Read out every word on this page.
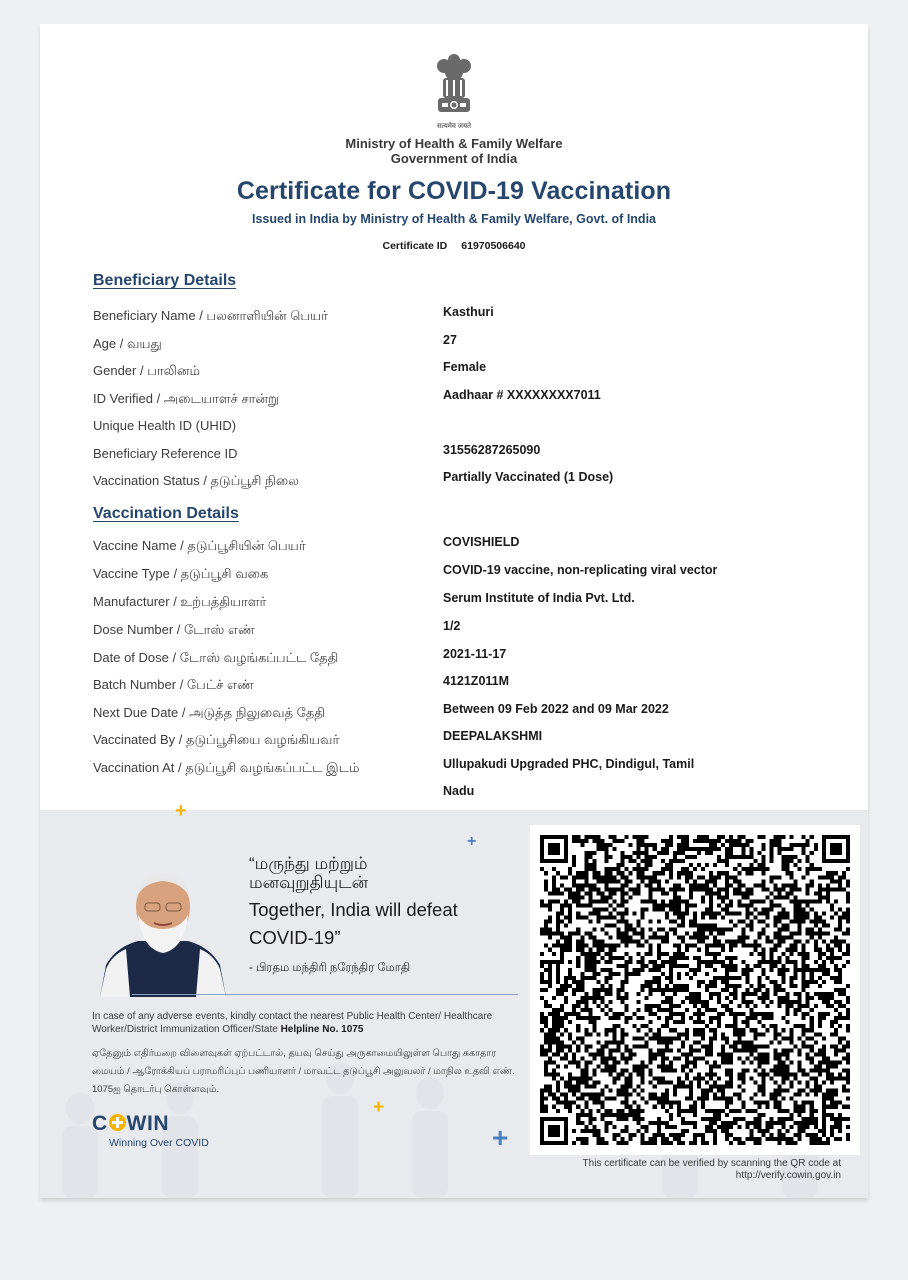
सत्यमेव जयते
Ministry of Health & Family Welfare
Government of India
Certificate for COVID-19 Vaccination
Issued in India by Ministry of Health & Family Welfare, Govt. of India
Certificate ID 61970506640
Beneficiary Details
Beneficiary Name / பலனாளியின் பெயர்	Kasthuri
Age / வயது	27
Gender / பாலினம்	Female
ID Verified / அடையாளச் சான்று	Aadhaar # XXXXXXXX7011
Unique Health ID (UHID)
Beneficiary Reference ID	31556287265090
Vaccination Status / தடுப்பூசி நிலை	Partially Vaccinated (1 Dose)
Vaccination Details
Vaccine Name / தடுப்பூசியின் பெயர்	COVISHIELD
Vaccine Type / தடுப்பூசி வகை	COVID-19 vaccine, non-replicating viral vector
Manufacturer / உற்பத்தியாளர்	Serum Institute of India Pvt. Ltd.
Dose Number / டோஸ் எண்	1/2
Date of Dose / டோஸ் வழங்கப்பட்ட தேதி	2021-11-17
Batch Number / பேட்ச் எண்	4121Z011M
Next Due Date / அடுத்த நிலுவைத் தேதி	Between 09 Feb 2022 and 09 Mar 2022
Vaccinated By / தடுப்பூசியை வழங்கியவர்	DEEPALAKSHMI
Vaccination At / தடுப்பூசி வழங்கப்பட்ட இடம்	Ullupakudi Upgraded PHC, Dindigul, Tamil
Nadu
+
+
+
+
“மருந்து மற்றும்
மனவுறுதியுடன்
Together, India will defeat COVID-19”
- பிரதம மந்திரி நரேந்திர மோதி
In case of any adverse events, kindly contact the nearest Public Health Center/ Healthcare Worker/District Immunization Officer/State Helpline No. 1075
ஏதேனும் எதிர்மறை விளைவுகள் ஏற்பட்டால், தயவு செய்து அருகாமையிலுள்ள பொது சுகாதார மையம் / ஆரோக்கியப் பராமரிப்புப் பணியாளர் / மாவட்ட தடுப்பூசி அலுவலர் / மாநில உதவி எண். 1075ஐ தொடர்பு கொள்ளவும்.
C WIN
Winning Over COVID
This certificate can be verified by scanning the QR code at
http://verify.cowin.gov.in
